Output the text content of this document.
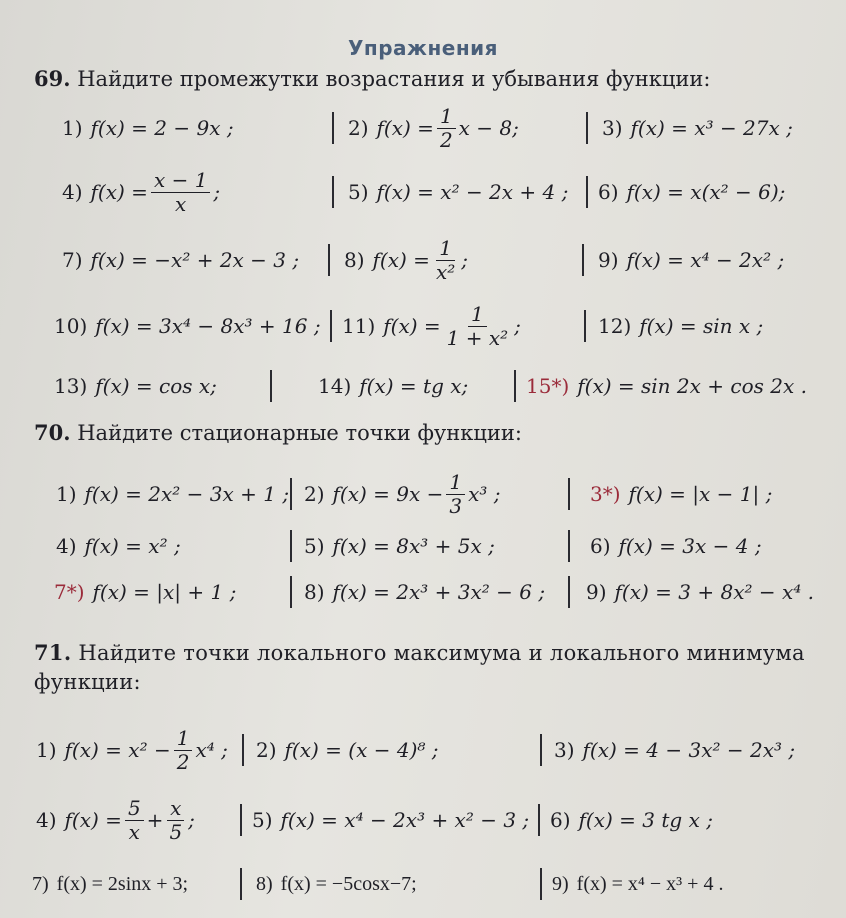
Упражнения
69. Найдите промежутки возрастания и убывания функции:
1) f(x) = 2 − 9x ;	2) $f(x) = \frac{1}{2}$ x − 8;	3) f(x) = x³ − 27x ;
4) $f(x) = \frac{x - 1}{x}$ ;	5) f(x) = x² − 2x + 4 ; 6) f(x) = x(x² − 6);
7) f(x) = −x² + 2x − 3 ; 8) $f(x) = \frac{1}{\text{x²}}$ ;	9) f(x) = x⁴ − 2x² ;
10) f(x) = 3x⁴ − 8x³ + 16 ; 11) $f(x) = \frac{1}{\text{1 + x²}}$ ;	12) f(x) = sin x ;
13) f(x) = cos x;	14) f(x) = tg x;	15*) f(x) = sin 2x + cos 2x .
70. Найдите стационарные точки функции:
1) f(x) = 2x² − 3x + 1 ; 2) $f(x) = 9x - \frac{1}{3} x^3$ ;	3*) f(x) = |x − 1| ;
4) f(x) = x² ;	5) f(x) = 8x³ + 5x ;	6) f(x) = 3x − 4 ;
7*) f(x) = |x| + 1 ;	8) f(x) = 2x³ + 3x² − 6 ; 9) f(x) = 3 + 8x² − x⁴ .
71. Найдите точки локального максимума и локального минимума функции:
1) $f(x) = x^2 - \frac{1}{2} x^4$ ; 2) f(x) = (x − 4)⁸ ;	3) f(x) = 4 − 3x² − 2x³ ;
4) $f(x) = \frac{5}{x} + \frac{x}{5}$ ;	5) f(x) = x⁴ − 2x³ + x² − 3 ; 6) f(x) = 3 tg x ;
7) f(x) = 2sinx + 3;	8) f(x) = −5cosx−7;	9) f(x) = x⁴ − x³ + 4 .
